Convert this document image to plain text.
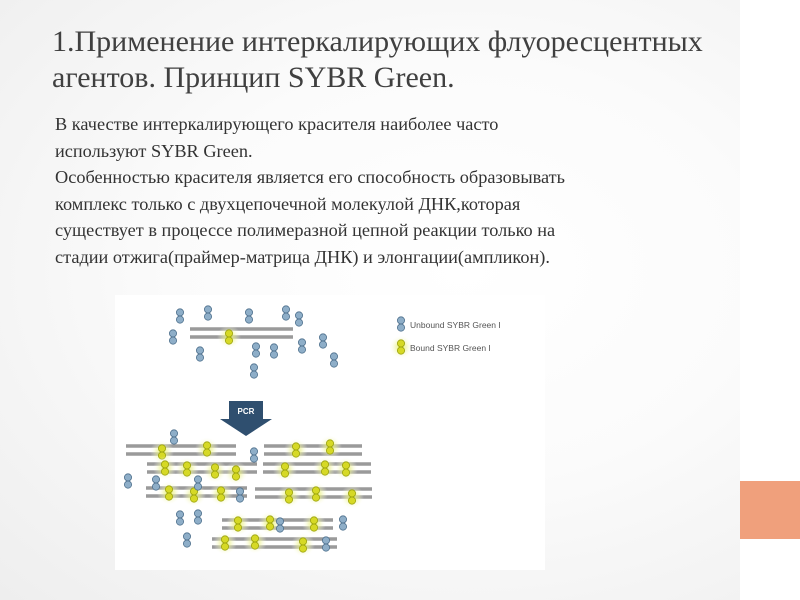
1.Применение интеркалирующих флуоресцентных
агентов. Принцип SYBR Green.

В качестве интеркалирующего красителя наиболее часто

используют SYBR Green.

Особенностью красителя является его способность образовывать

комплекс только с двухцепочечной молекулой ДНК,которая

существует в процессе полимеразной цепной реакции только на

стадии отжига(праймер-матрица ДНК) и элонгации(ампликон).

Unbound SYBR Green I
Bound SYBR Green I
PCR
